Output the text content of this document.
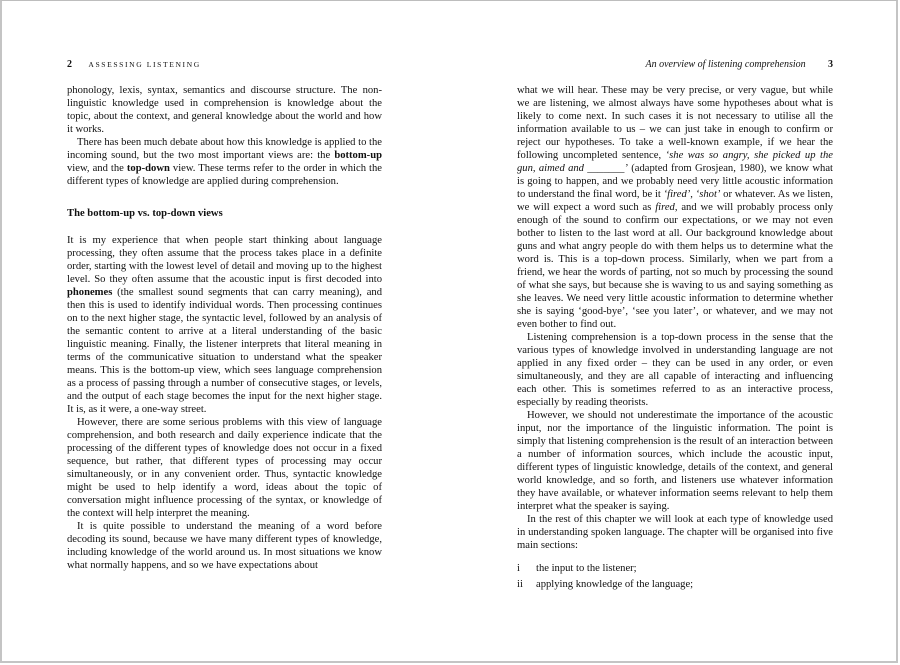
2 ASSESSING LISTENING

phonology, lexis, syntax, semantics and discourse structure. The non-linguistic knowledge used in comprehension is knowledge about the topic, about the context, and general knowledge about the world and how it works.

There has been much debate about how this knowledge is applied to the incoming sound, but the two most important views are: the bottom-up view, and the top-down view. These terms refer to the order in which the different types of knowledge are applied during comprehension.

The bottom-up vs. top-down views

It is my experience that when people start thinking about language processing, they often assume that the process takes place in a definite order, starting with the lowest level of detail and moving up to the highest level. So they often assume that the acoustic input is first decoded into phonemes (the smallest sound segments that can carry meaning), and then this is used to identify individual words. Then processing continues on to the next higher stage, the syntactic level, followed by an analysis of the semantic content to arrive at a literal understanding of the basic linguistic meaning. Finally, the listener interprets that literal meaning in terms of the communicative situation to understand what the speaker means. This is the bottom-up view, which sees language comprehension as a process of passing through a number of consecutive stages, or levels, and the output of each stage becomes the input for the next higher stage. It is, as it were, a one-way street.

However, there are some serious problems with this view of language comprehension, and both research and daily experience indicate that the processing of the different types of knowledge does not occur in a fixed sequence, but rather, that different types of processing may occur simultaneously, or in any convenient order. Thus, syntactic knowledge might be used to help identify a word, ideas about the topic of conversation might influence processing of the syntax, or knowledge of the context will help interpret the meaning.

It is quite possible to understand the meaning of a word before decoding its sound, because we have many different types of knowledge, including knowledge of the world around us. In most situations we know what normally happens, and so we have expectations about

An overview of listening comprehension 3

what we will hear. These may be very precise, or very vague, but while we are listening, we almost always have some hypotheses about what is likely to come next. In such cases it is not necessary to utilise all the information available to us – we can just take in enough to confirm or reject our hypotheses. To take a well-known example, if we hear the following uncompleted sentence, ‘she was so angry, she picked up the gun, aimed and _______’ (adapted from Grosjean, 1980), we know what is going to happen, and we probably need very little acoustic information to understand the final word, be it ‘fired’, ‘shot’ or whatever. As we listen, we will expect a word such as fired, and we will probably process only enough of the sound to confirm our expectations, or we may not even bother to listen to the last word at all. Our background knowledge about guns and what angry people do with them helps us to determine what the word is. This is a top-down process. Similarly, when we part from a friend, we hear the words of parting, not so much by processing the sound of what she says, but because she is waving to us and saying something as she leaves. We need very little acoustic information to determine whether she is saying ‘good-bye’, ‘see you later’, or whatever, and we may not even bother to find out.

Listening comprehension is a top-down process in the sense that the various types of knowledge involved in understanding language are not applied in any fixed order – they can be used in any order, or even simultaneously, and they are all capable of interacting and influencing each other. This is sometimes referred to as an interactive process, especially by reading theorists.

However, we should not underestimate the importance of the acoustic input, nor the importance of the linguistic information. The point is simply that listening comprehension is the result of an interaction between a number of information sources, which include the acoustic input, different types of linguistic knowledge, details of the context, and general world knowledge, and so forth, and listeners use whatever information they have available, or whatever information seems relevant to help them interpret what the speaker is saying.

In the rest of this chapter we will look at each type of knowledge used in understanding spoken language. The chapter will be organised into five main sections:

i	the input to the listener;
ii	applying knowledge of the language;
